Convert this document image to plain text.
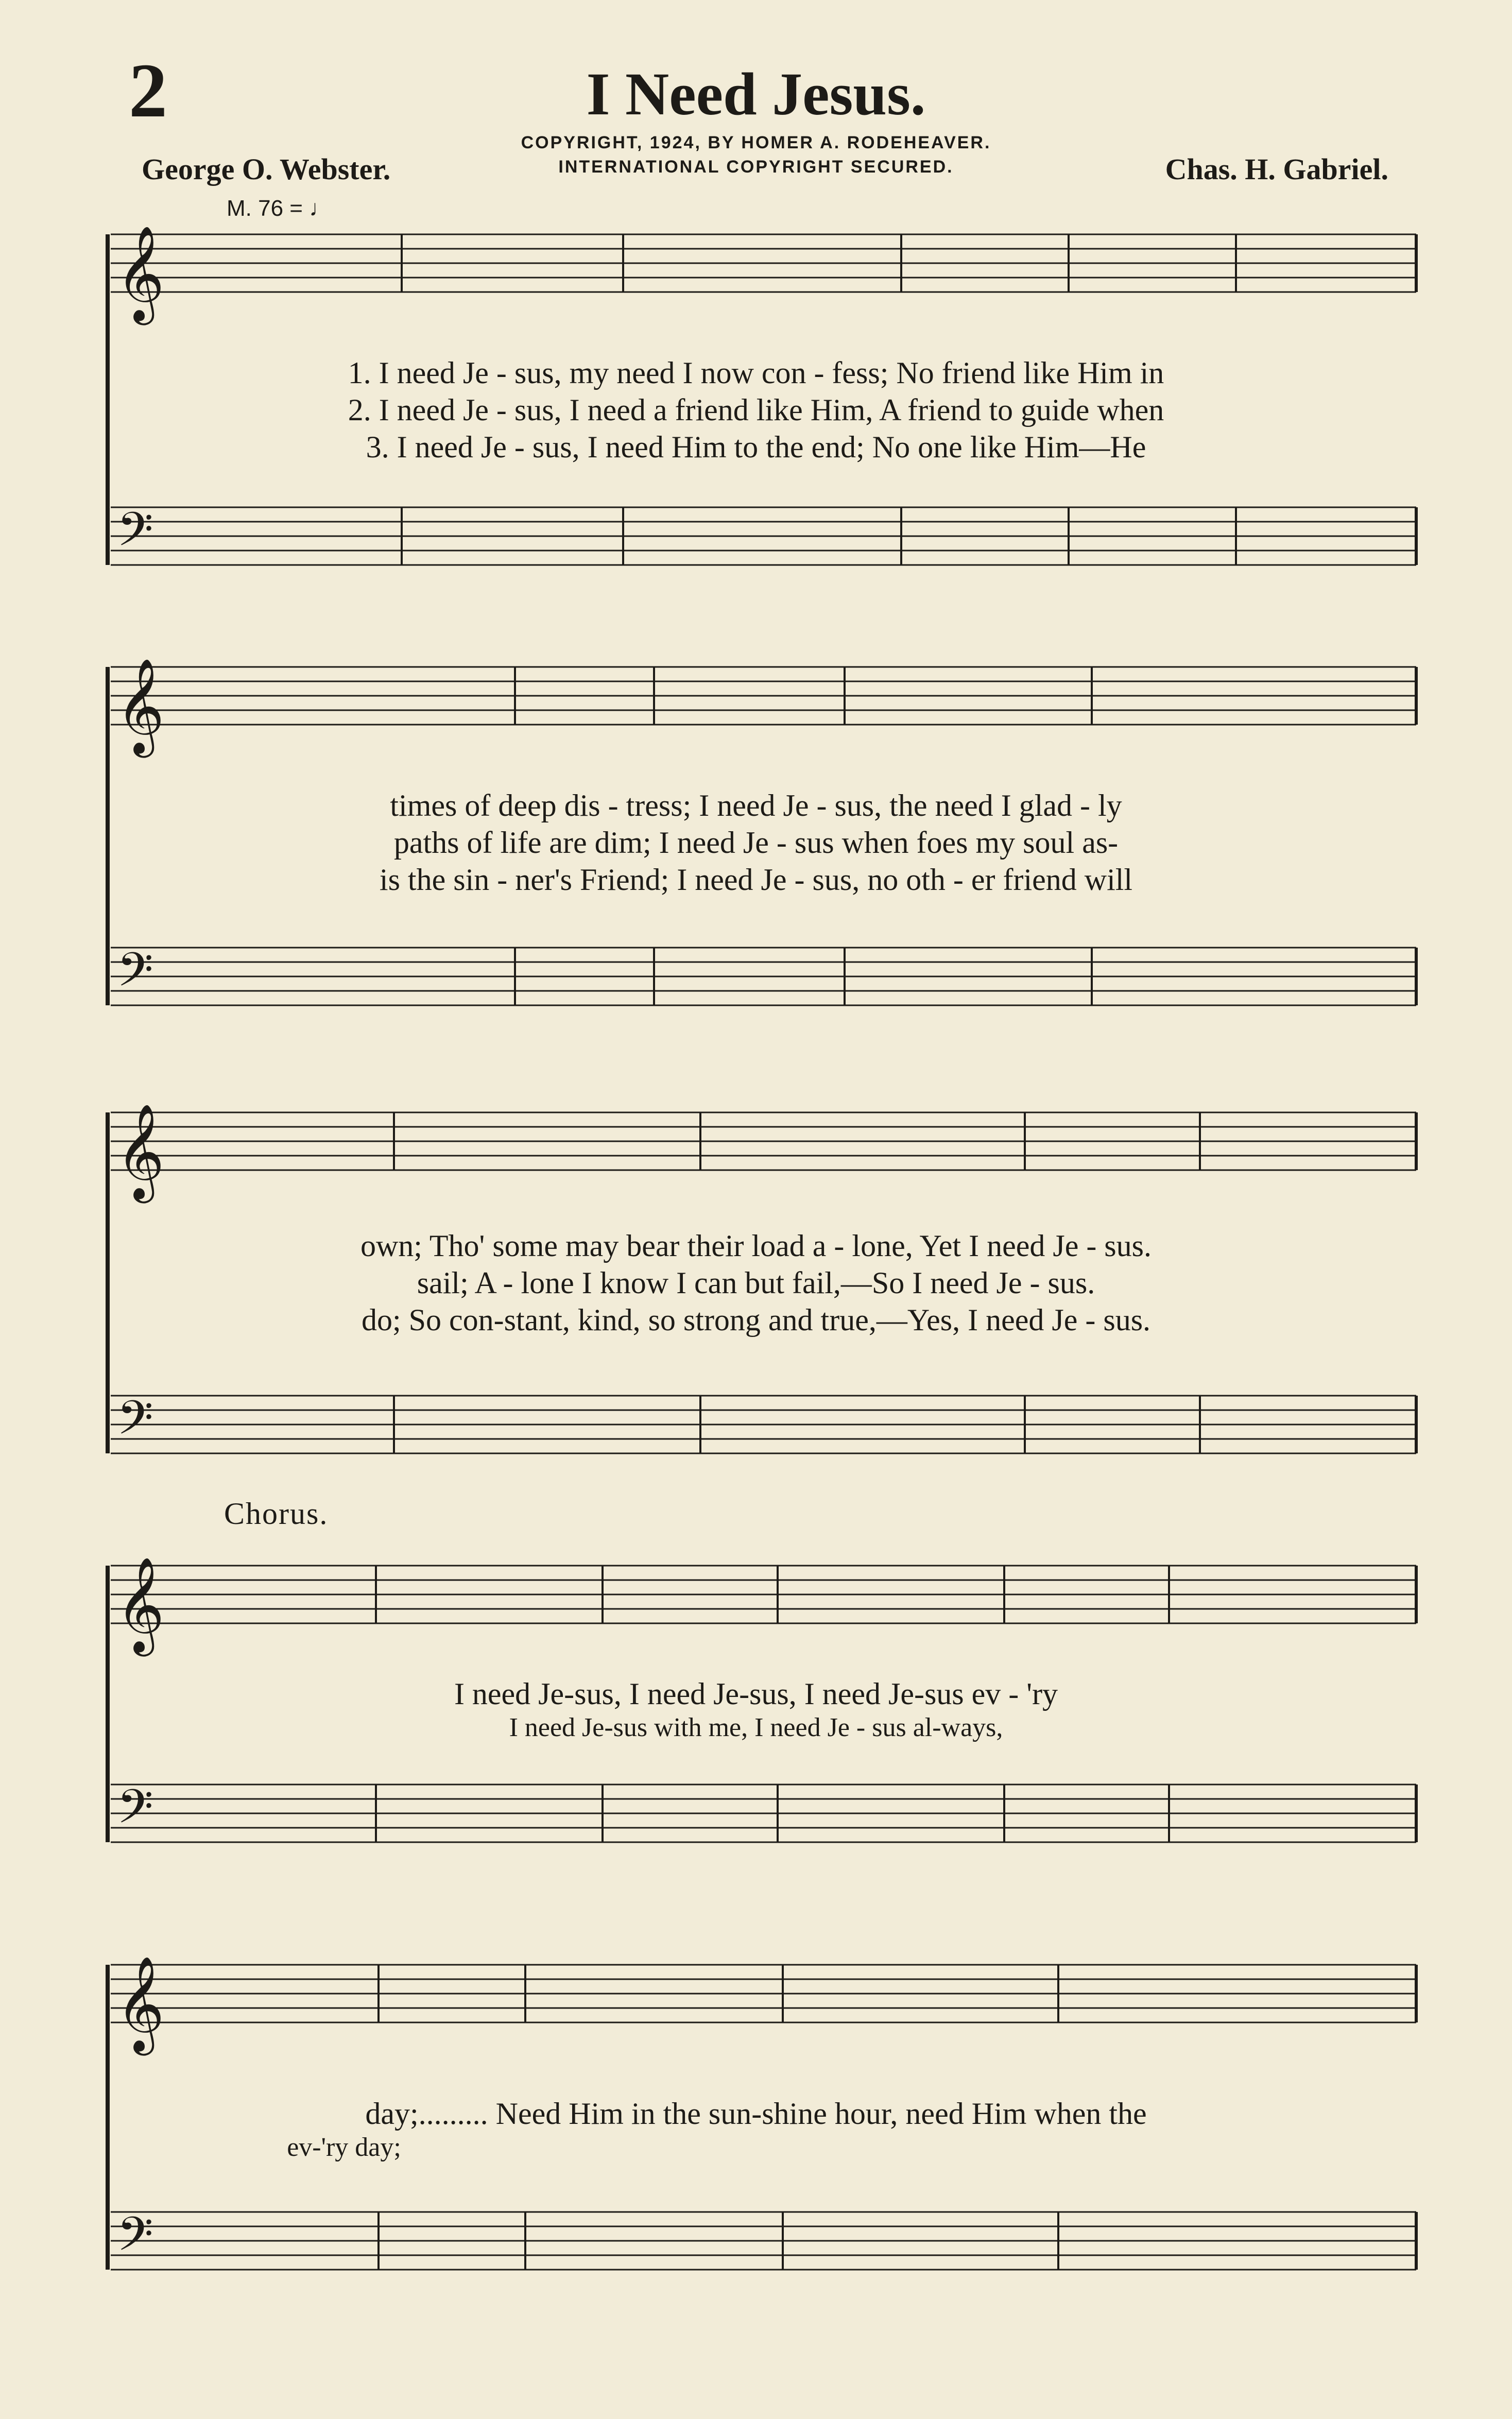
2	I Need Jesus.
COPYRIGHT, 1924, BY HOMER A. RODEHEAVER.
INTERNATIONAL COPYRIGHT SECURED.
George O. Webster.	Chas. H. Gabriel.
M. 76 = ♩
𝄞
𝄢
𝄞
𝄢
𝄞
𝄢
𝄞
𝄢
𝄞
𝄢
1. I need Je - sus, my need I now con - fess; No friend like Him in
2. I need Je - sus, I need a friend like Him, A friend to guide when
3. I need Je - sus, I need Him to the end; No one like Him—He
times of deep dis - tress; I need Je - sus, the need I glad - ly
paths of life are dim; I need Je - sus when foes my soul as-
is the sin - ner's Friend; I need Je - sus, no oth - er friend will
own; Tho' some may bear their load a - lone, Yet I need Je - sus.
sail; A - lone I know I can but fail,—So I need Je - sus.
do; So con-stant, kind, so strong and true,—Yes, I need Je - sus.
Chorus.
I need Je-sus, I need Je-sus, I need Je-sus ev - 'ry
I need Je-sus with me, I need Je - sus al-ways,
day;......... Need Him in the sun-shine hour, need Him when the
ev-'ry day;
